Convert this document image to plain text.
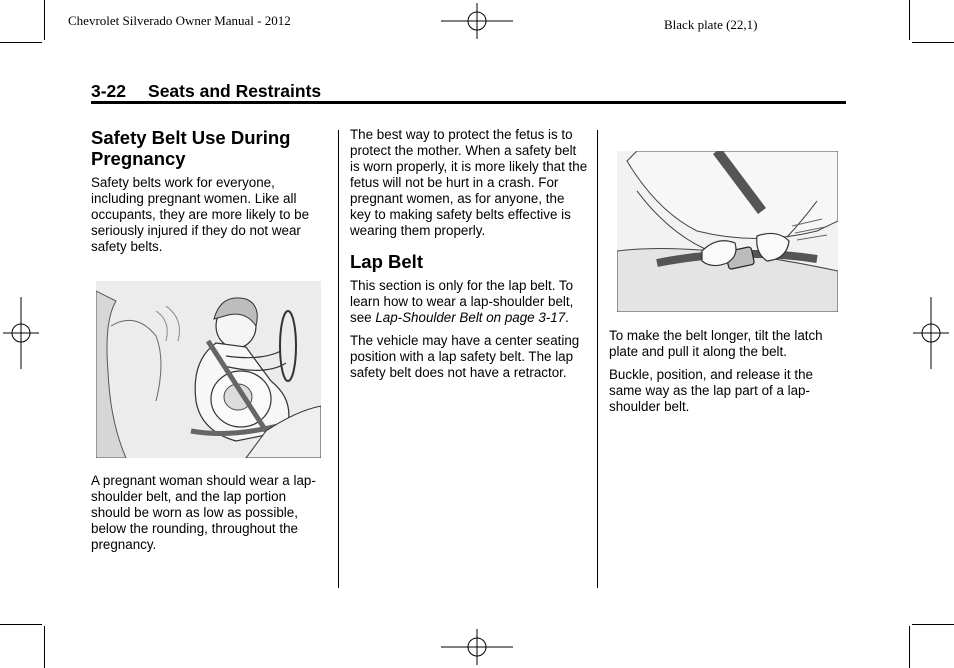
Chevrolet Silverado Owner Manual - 2012	Black plate (22,1)
3-22 Seats and Restraints
Safety Belt Use During Pregnancy

Safety belts work for everyone, including pregnant women. Like all occupants, they are more likely to be seriously injured if they do not wear safety belts.

A pregnant woman should wear a lap-shoulder belt, and the lap portion should be worn as low as possible, below the rounding, throughout the pregnancy.

The best way to protect the fetus is to protect the mother. When a safety belt is worn properly, it is more likely that the fetus will not be hurt in a crash. For pregnant women, as for anyone, the key to making safety belts effective is wearing them properly.

Lap Belt

This section is only for the lap belt. To learn how to wear a lap-shoulder belt, see Lap-Shoulder Belt on page 3-17.

The vehicle may have a center seating position with a lap safety belt. The lap safety belt does not have a retractor.

To make the belt longer, tilt the latch plate and pull it along the belt.

Buckle, position, and release it the same way as the lap part of a lap-shoulder belt.
